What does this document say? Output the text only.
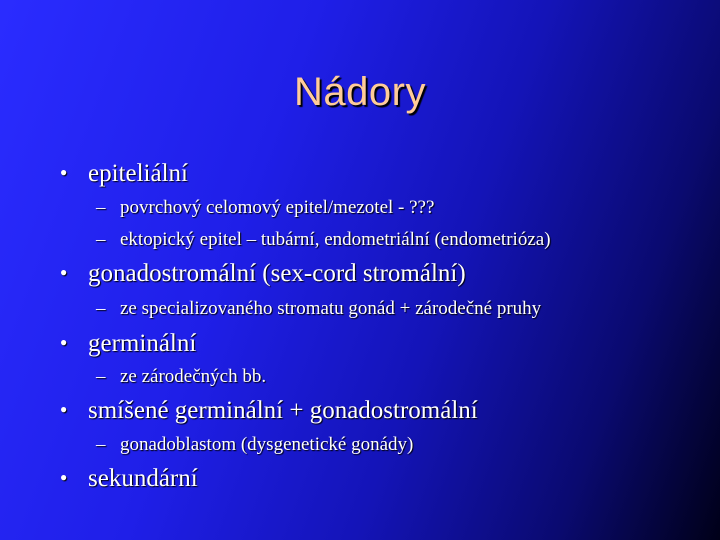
Nádory
● epiteliální
– povrchový celomový epitel/mezotel - ???
– ektopický epitel – tubární, endometriální (endometrióza)
● gonadostromální (sex-cord stromální)
– ze specializovaného stromatu gonád + zárodečné pruhy
● germinální
– ze zárodečných bb.
● smíšené germinální + gonadostromální
– gonadoblastom (dysgenetické gonády)
● sekundární
